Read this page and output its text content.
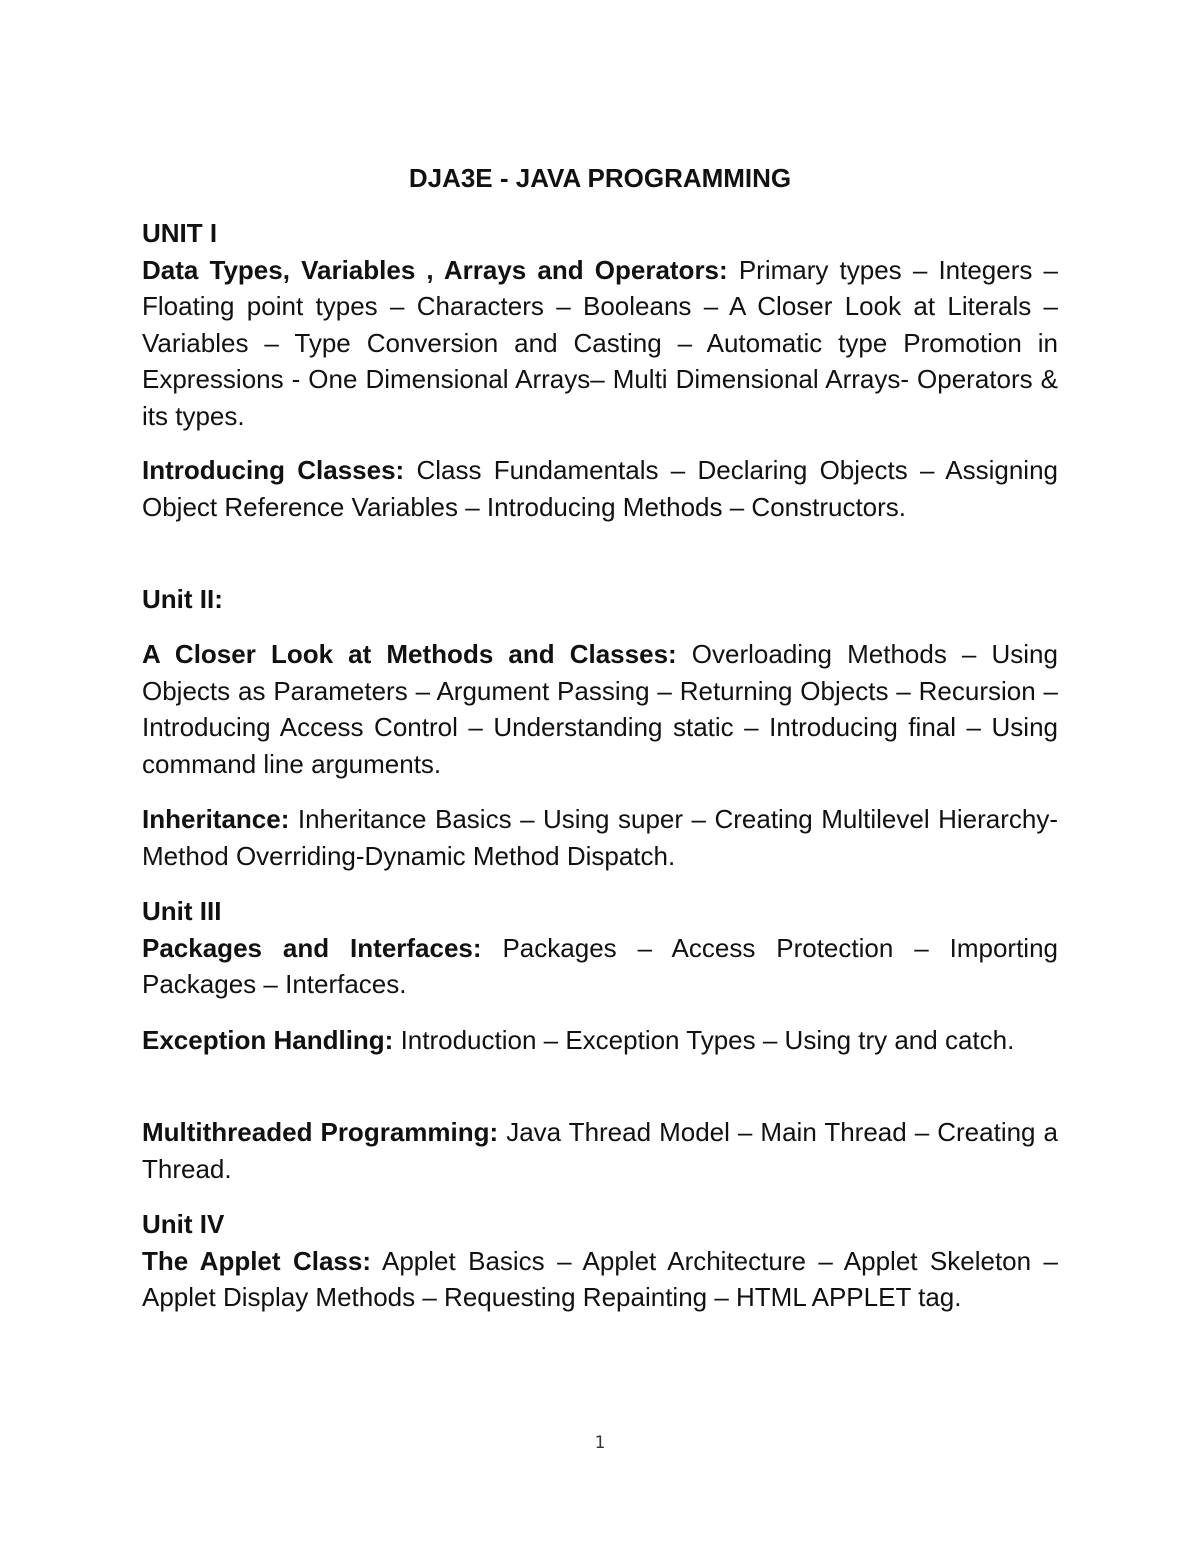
DJA3E - JAVA PROGRAMMING

UNIT I

Data Types, Variables , Arrays and Operators: Primary types – Integers – Floating point types – Characters – Booleans – A Closer Look at Literals – Variables – Type Conversion and Casting – Automatic type Promotion in Expressions - One Dimensional Arrays– Multi Dimensional Arrays- Operators & its types.

Introducing Classes: Class Fundamentals – Declaring Objects – Assigning Object Reference Variables – Introducing Methods – Constructors.

Unit II:

A Closer Look at Methods and Classes: Overloading Methods – Using Objects as Parameters – Argument Passing – Returning Objects – Recursion – Introducing Access Control – Understanding static – Introducing final – Using command line arguments.

Inheritance: Inheritance Basics – Using super – Creating Multilevel Hierarchy-Method Overriding-Dynamic Method Dispatch.

Unit III

Packages and Interfaces: Packages – Access Protection – Importing Packages – Interfaces.

Exception Handling: Introduction – Exception Types – Using try and catch.

Multithreaded Programming: Java Thread Model – Main Thread – Creating a Thread.

Unit IV

The Applet Class: Applet Basics – Applet Architecture – Applet Skeleton – Applet Display Methods – Requesting Repainting – HTML APPLET tag.

1
